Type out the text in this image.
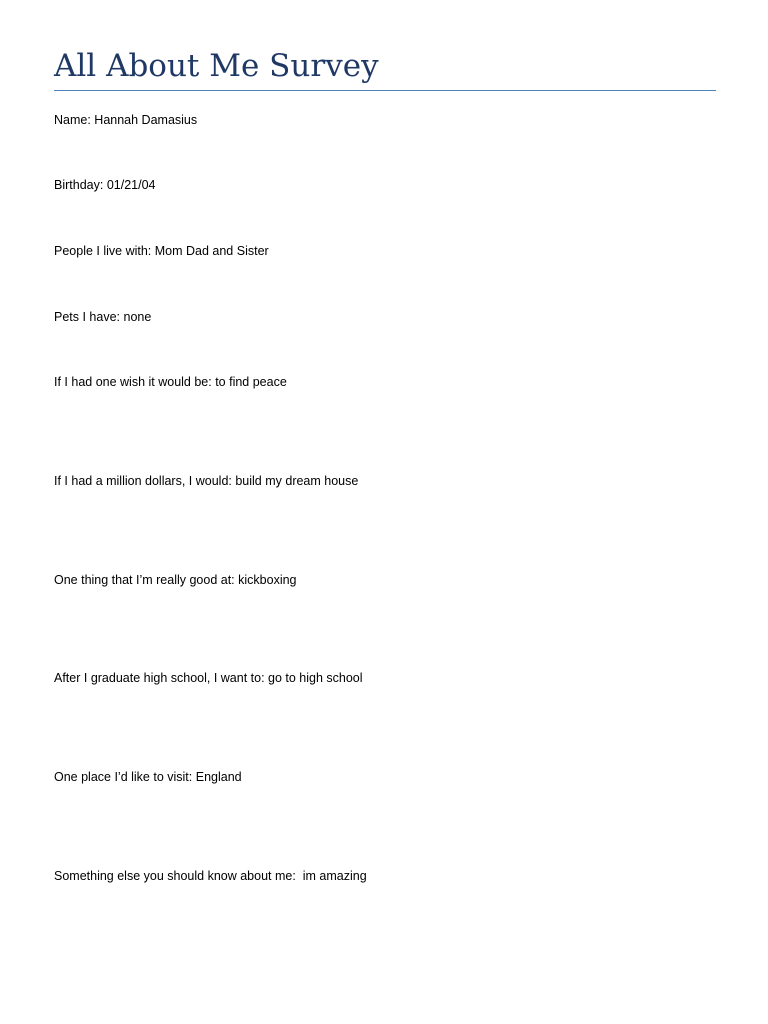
All About Me Survey

Name: Hannah Damasius

Birthday: 01/21/04

People I live with: Mom Dad and Sister

Pets I have: none

If I had one wish it would be: to find peace

If I had a million dollars, I would: build my dream house

One thing that I’m really good at: kickboxing

After I graduate high school, I want to: go to high school

One place I’d like to visit: England

Something else you should know about me:  im amazing
